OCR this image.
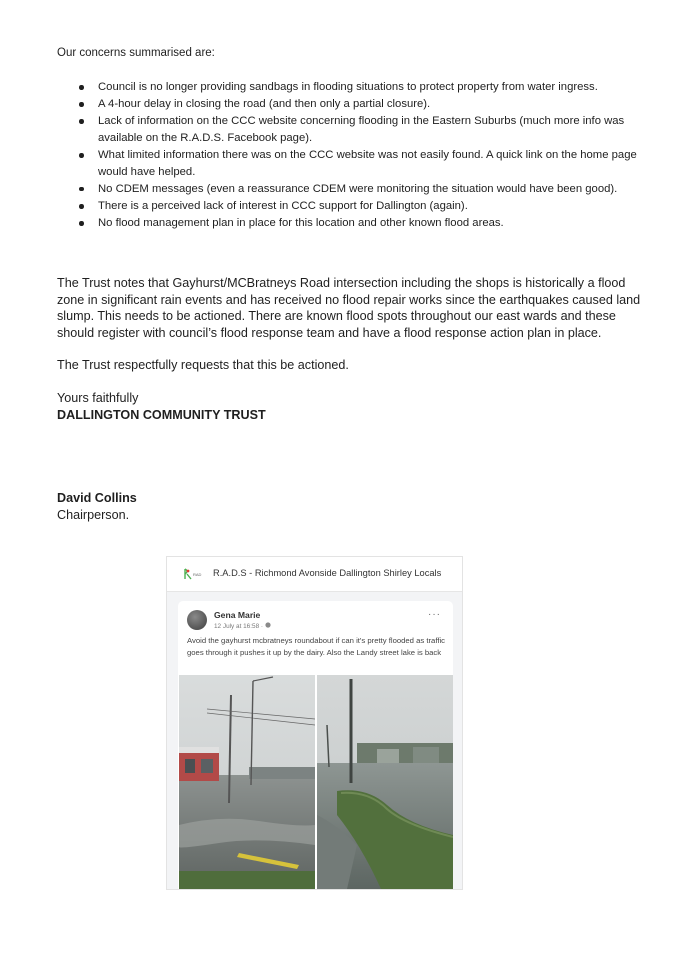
Our concerns summarised are:
Council is no longer providing sandbags in flooding situations to protect property from water ingress.
A 4-hour delay in closing the road (and then only a partial closure).
Lack of information on the CCC website concerning flooding in the Eastern Suburbs (much more info was available on the R.A.D.S. Facebook page).
What limited information there was on the CCC website was not easily found. A quick link on the home page would have helped.
No CDEM messages (even a reassurance CDEM were monitoring the situation would have been good).
There is a perceived lack of interest in CCC support for Dallington (again).
No flood management plan in place for this location and other known flood areas.

The Trust notes that Gayhurst/MCBratneys Road intersection including the shops is historically a flood zone in significant rain events and has received no flood repair works since the earthquakes caused land slump. This needs to be actioned. There are known flood spots throughout our east wards and these should register with council’s flood response team and have a flood response action plan in place.

The Trust respectfully requests that this be actioned.

Yours faithfully
DALLINGTON COMMUNITY TRUST
David Collins
Chairperson.
RAD R.A.D.S - Richmond Avonside Dallington Shirley Locals
Gena Marie
12 July at 16:58 ·
···
Avoid the gayhurst mcbratneys roundabout if can it's pretty flooded as traffic goes through it pushes it up by the dairy. Also the Landy street lake is back
